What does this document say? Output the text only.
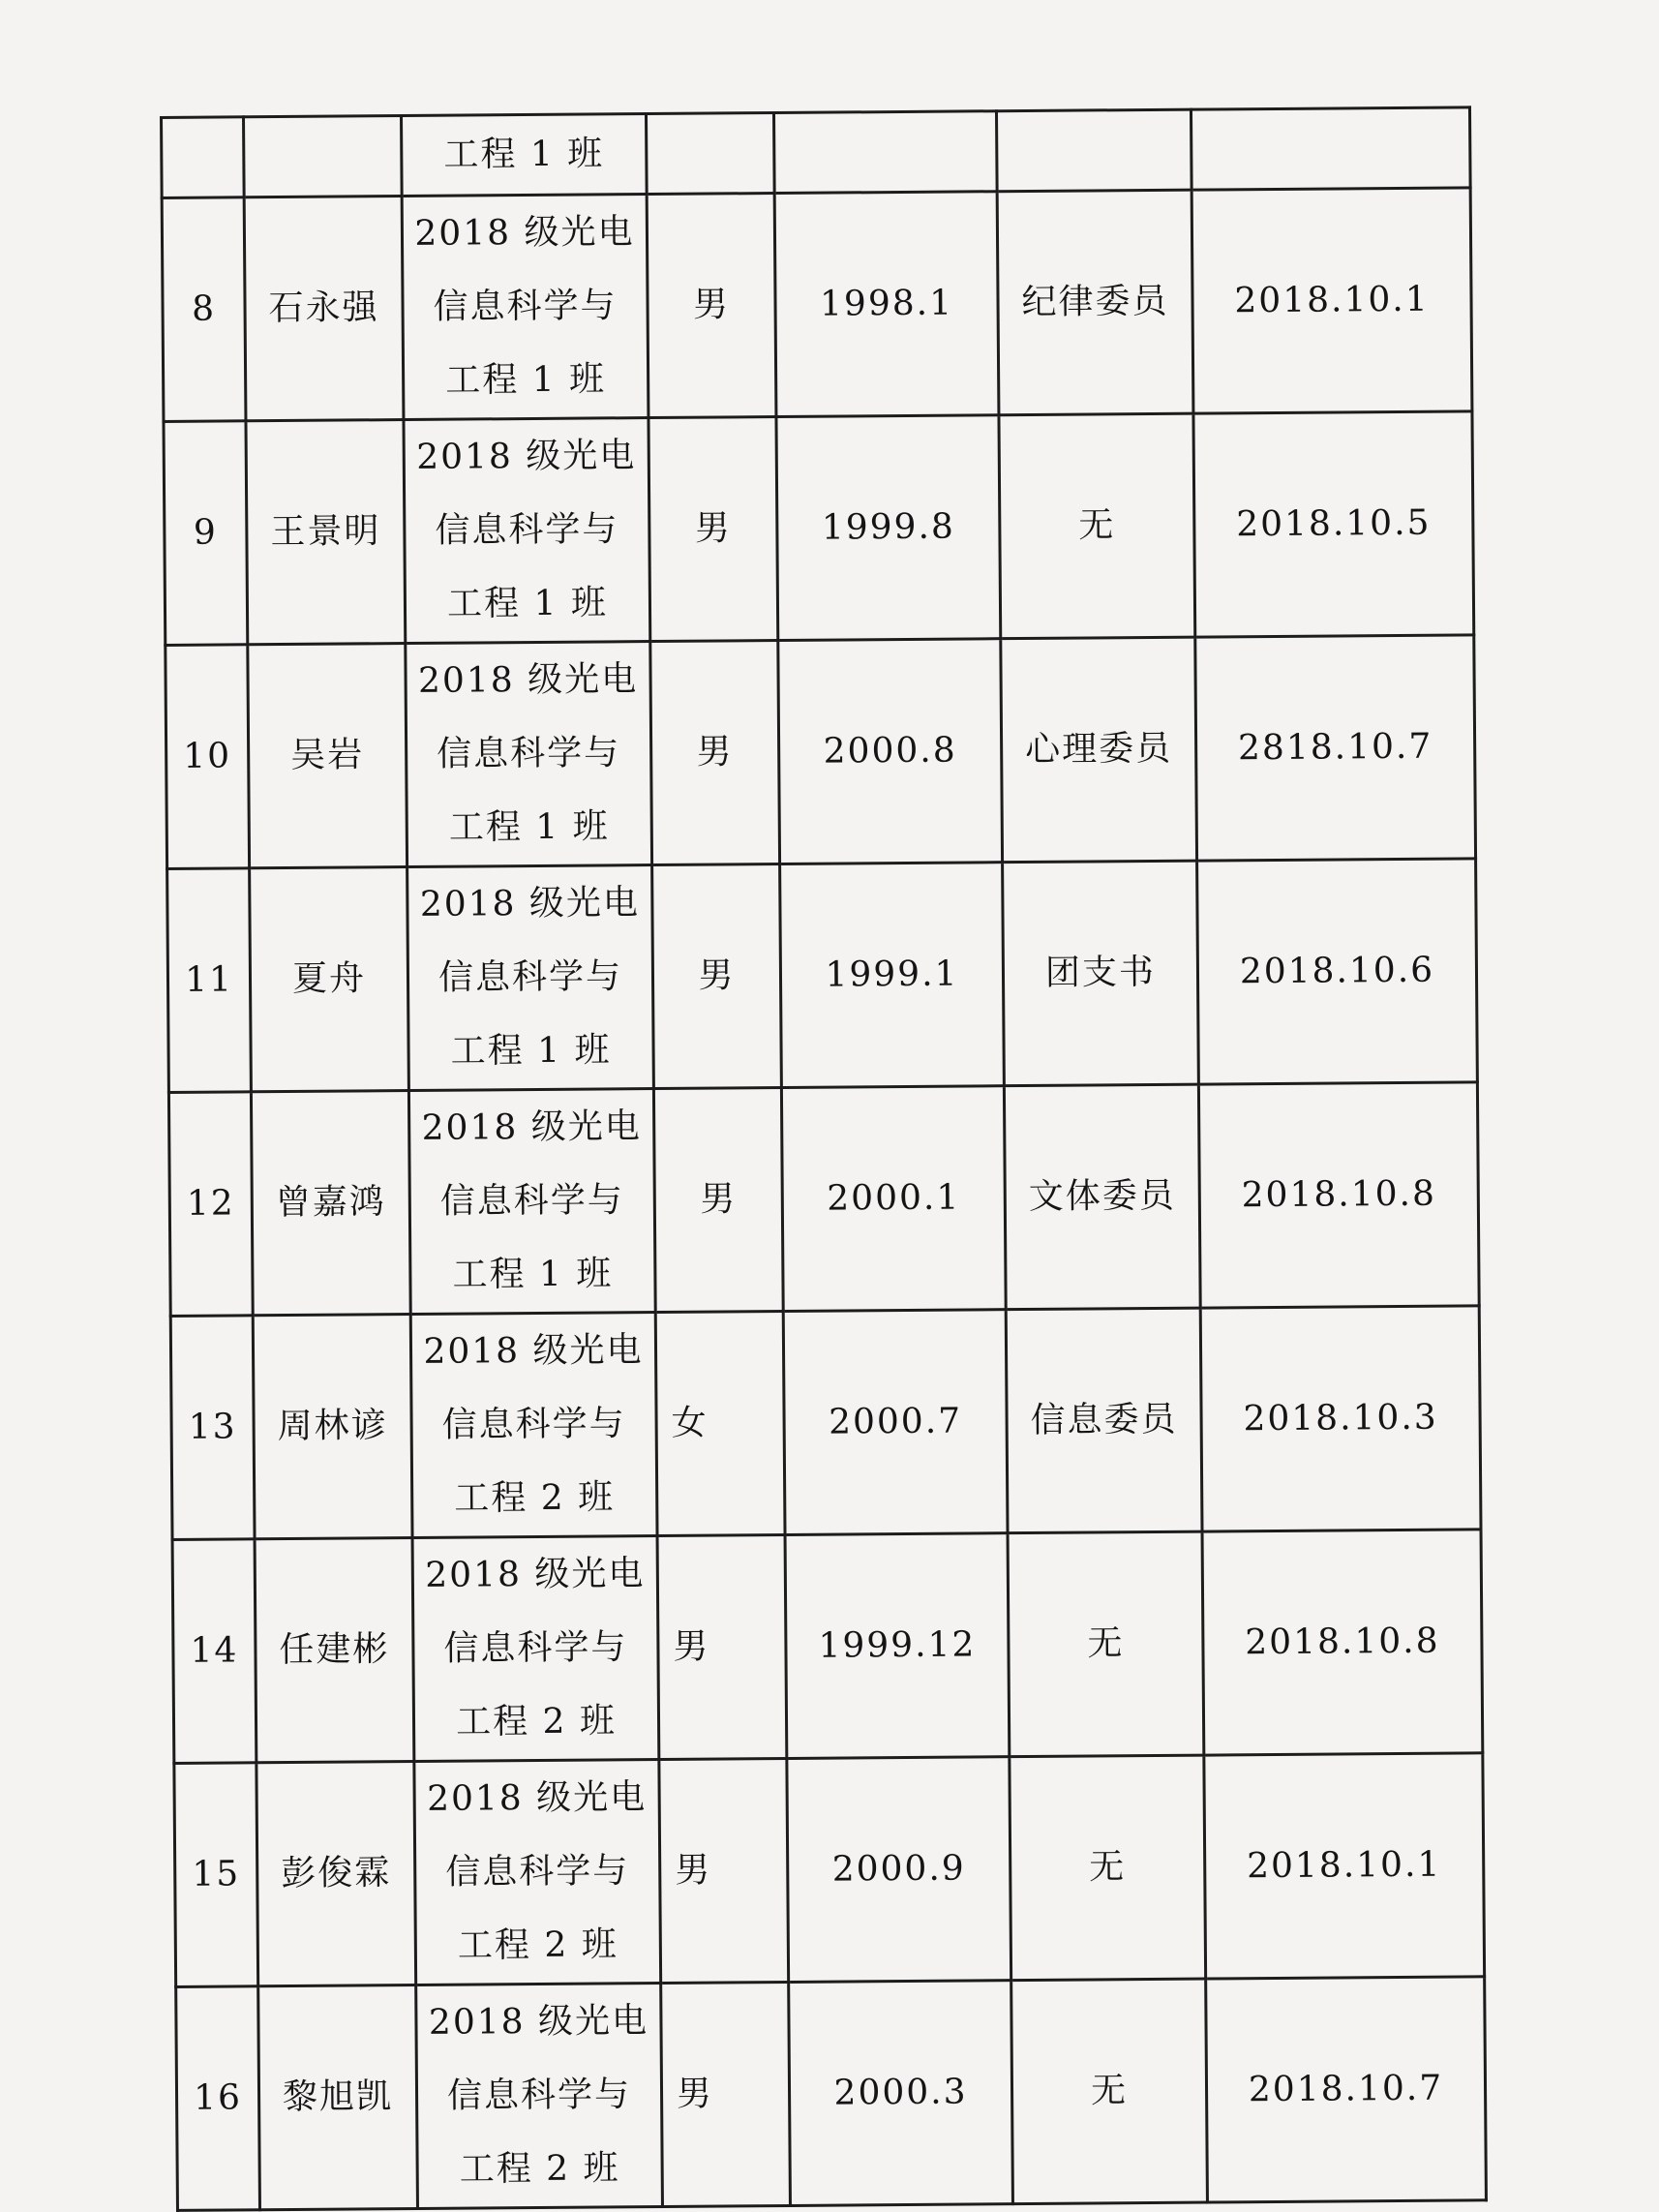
		工程 1 班				
8	石永强	2018 级光电
信息科学与
工程 1 班	男	1998.1	纪律委员	2018.10.1
9	王景明	2018 级光电
信息科学与
工程 1 班	男	1999.8	无	2018.10.5
10	吴岩	2018 级光电
信息科学与
工程 1 班	男	2000.8	心理委员	2818.10.7
11	夏舟	2018 级光电
信息科学与
工程 1 班	男	1999.1	团支书	2018.10.6
12	曾嘉鸿	2018 级光电
信息科学与
工程 1 班	男	2000.1	文体委员	2018.10.8
13	周林谚	2018 级光电
信息科学与
工程 2 班	女	2000.7	信息委员	2018.10.3
14	任建彬	2018 级光电
信息科学与
工程 2 班	男	1999.12	无	2018.10.8
15	彭俊霖	2018 级光电
信息科学与
工程 2 班	男	2000.9	无	2018.10.1
16	黎旭凯	2018 级光电
信息科学与
工程 2 班	男	2000.3	无	2018.10.7
